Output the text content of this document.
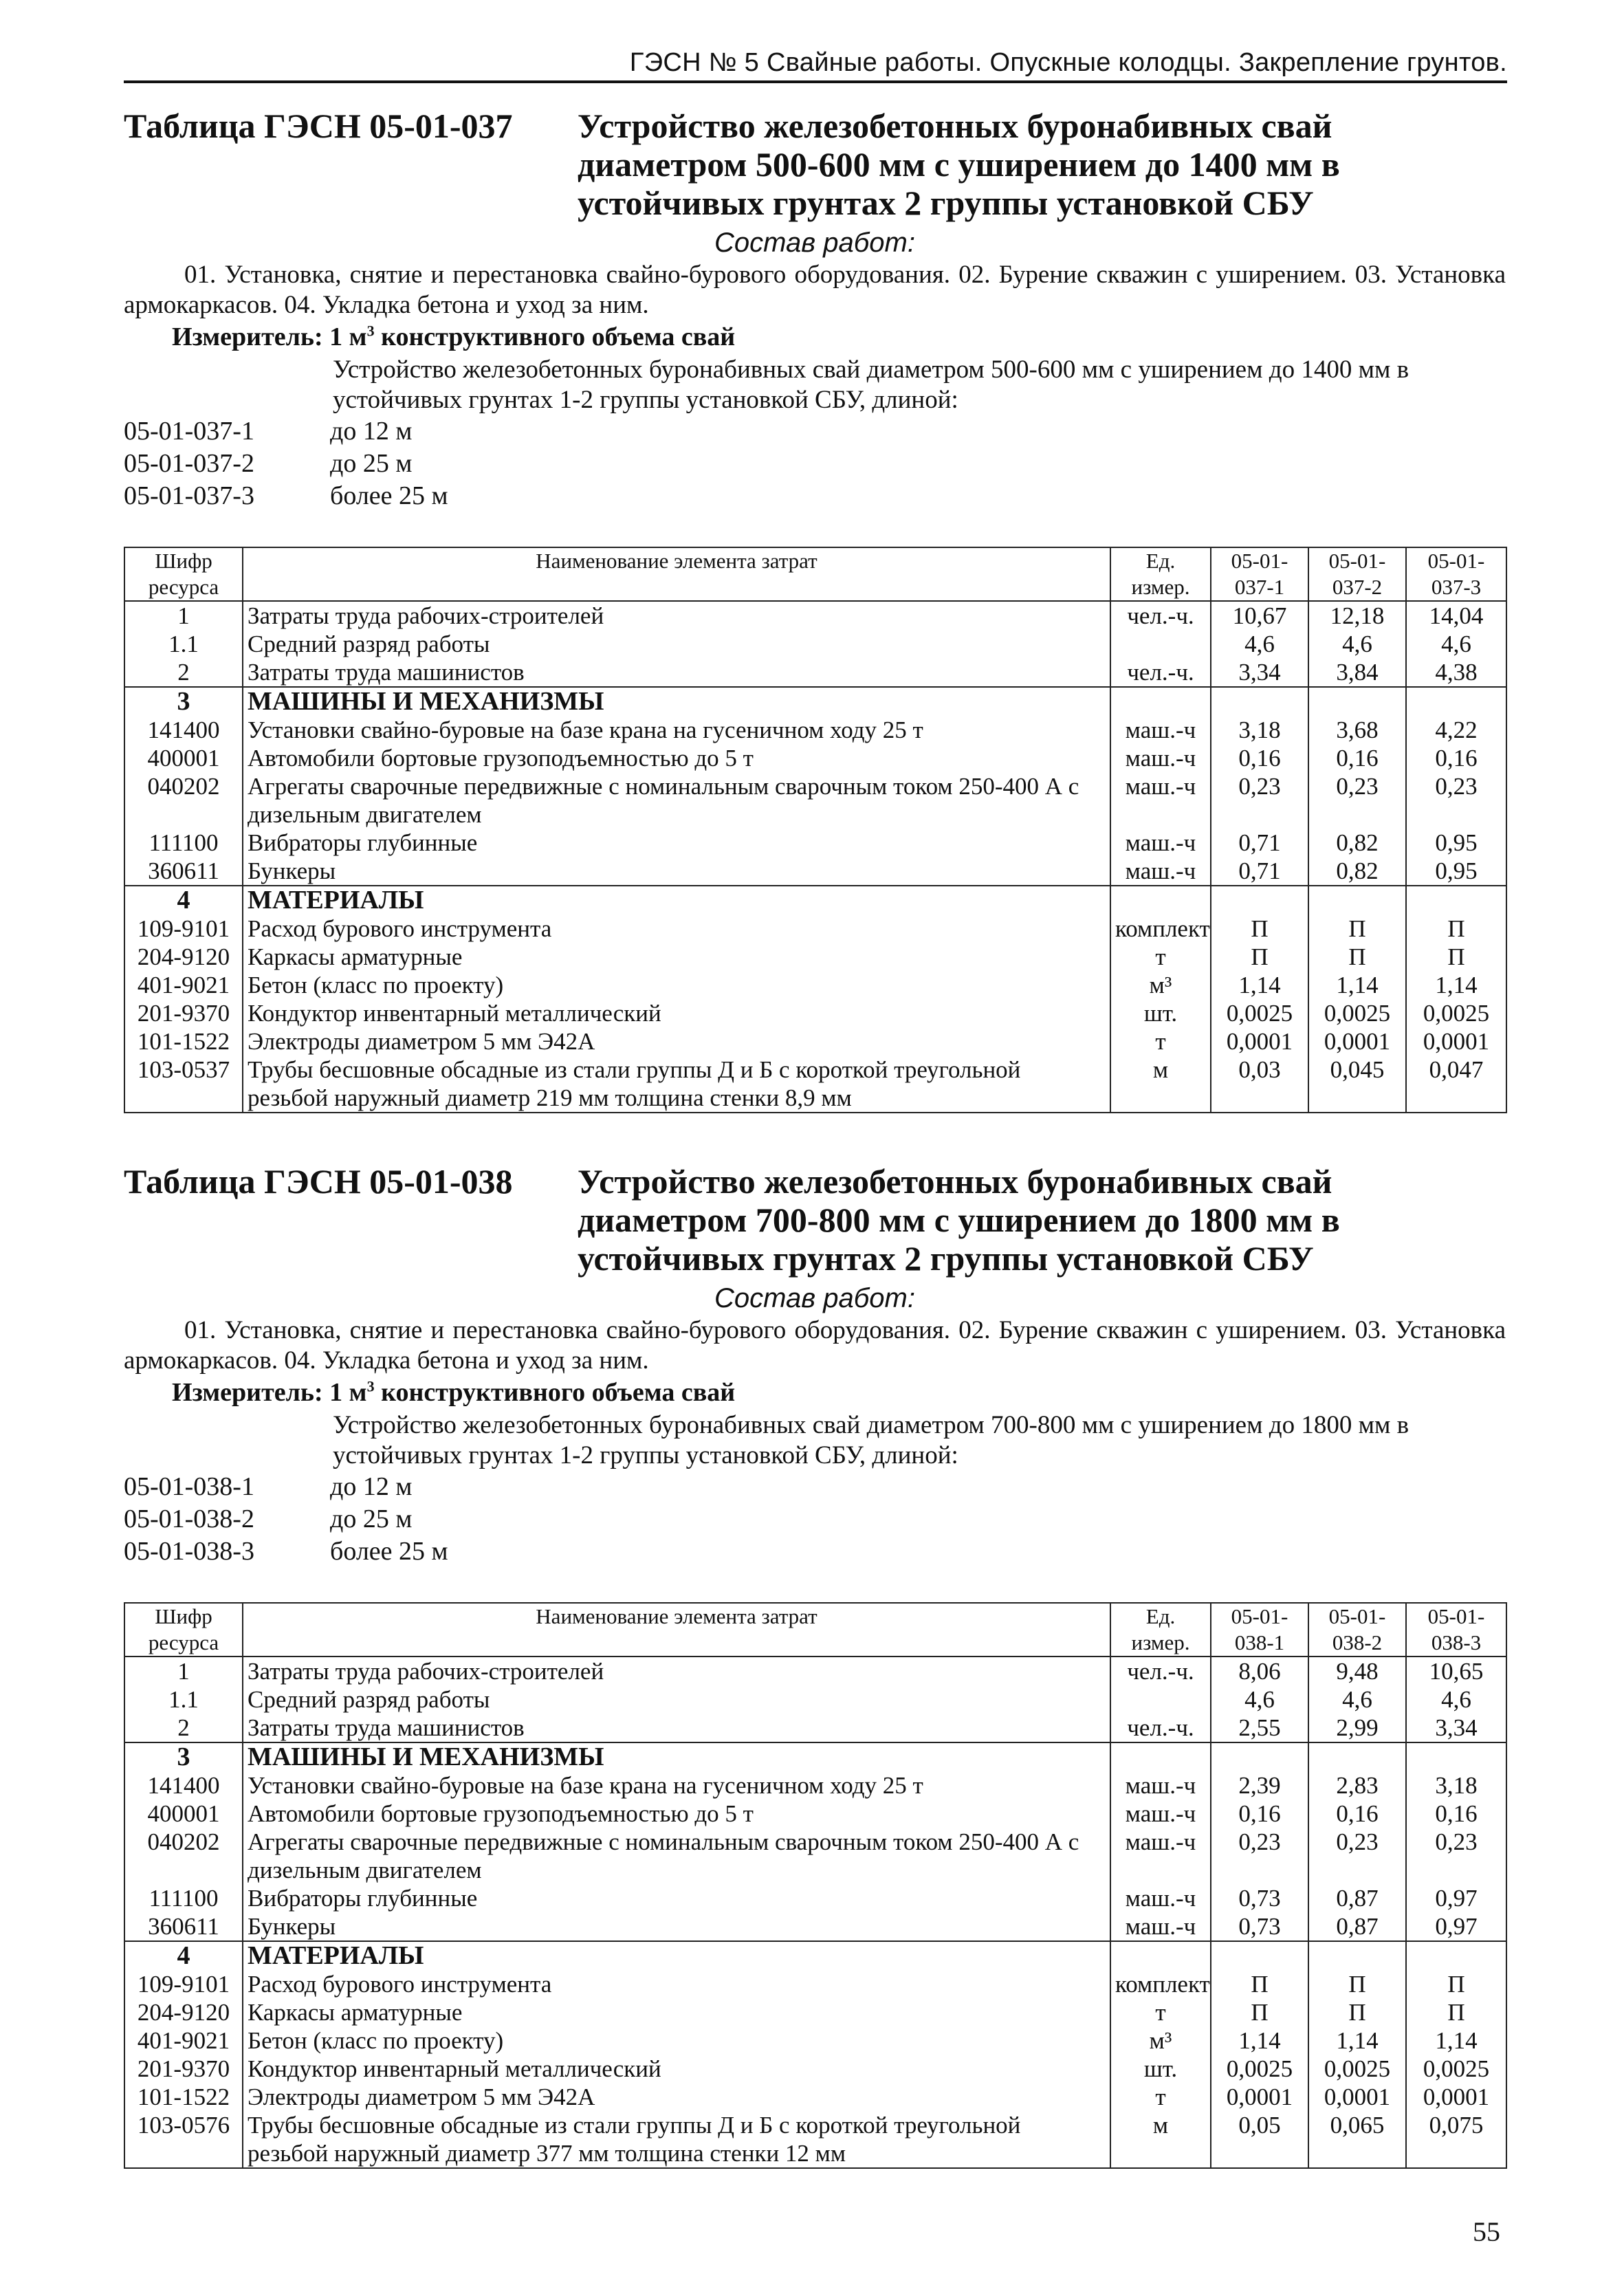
ГЭСН № 5 Свайные работы. Опускные колодцы. Закрепление грунтов.
Таблица ГЭСН 05-01-037	Устройство железобетонных буронабивных свай диаметром 500-600 мм с уширением до 1400 мм в устойчивых грунтах 2 группы установкой СБУ
Состав работ:
01. Установка, снятие и перестановка свайно-бурового оборудования. 02. Бурение скважин с уширением. 03. Установка армокаркасов. 04. Укладка бетона и уход за ним.
Измеритель: 1 $м^3$ конструктивного объема свай
Устройство железобетонных буронабивных свай диаметром 500-600 мм с уширением до 1400 мм в устойчивых грунтах 1-2 группы установкой СБУ, длиной:
05-01-037-1	до 12 м
05-01-037-2	до 25 м
05-01-037-3	более 25 м
Шифр ресурса	Наименование элемента затрат	Ед. измер.	05-01-037-1	05-01-037-2	05-01-037-3
1	Затраты труда рабочих-строителей	чел.-ч.	10,67	12,18	14,04
1.1	Средний разряд работы		4,6	4,6	4,6
2	Затраты труда машинистов	чел.-ч.	3,34	3,84	4,38
3	МАШИНЫ И МЕХАНИЗМЫ				
141400	Установки свайно-буровые на базе крана на гусеничном ходу 25 т	маш.-ч	3,18	3,68	4,22
400001	Автомобили бортовые грузоподъемностью до 5 т	маш.-ч	0,16	0,16	0,16
040202	Агрегаты сварочные передвижные с номинальным сварочным током 250-400 А с дизельным двигателем	маш.-ч	0,23	0,23	0,23
111100	Вибраторы глубинные	маш.-ч	0,71	0,82	0,95
360611	Бункеры	маш.-ч	0,71	0,82	0,95
4	МАТЕРИАЛЫ				
109-9101	Расход бурового инструмента	комплект	П	П	П
204-9120	Каркасы арматурные	т	П	П	П
401-9021	Бетон (класс по проекту)	м³	1,14	1,14	1,14
201-9370	Кондуктор инвентарный металлический	шт.	0,0025	0,0025	0,0025
101-1522	Электроды диаметром 5 мм Э42А	т	0,0001	0,0001	0,0001
103-0537	Трубы бесшовные обсадные из стали группы Д и Б с короткой треугольной резьбой наружный диаметр 219 мм толщина стенки 8,9 мм	м	0,03	0,045	0,047
Таблица ГЭСН 05-01-038	Устройство железобетонных буронабивных свай диаметром 700-800 мм с уширением до 1800 мм в устойчивых грунтах 2 группы установкой СБУ
Состав работ:
01. Установка, снятие и перестановка свайно-бурового оборудования. 02. Бурение скважин с уширением. 03. Установка армокаркасов. 04. Укладка бетона и уход за ним.
Измеритель: 1 $м^3$ конструктивного объема свай
Устройство железобетонных буронабивных свай диаметром 700-800 мм с уширением до 1800 мм в устойчивых грунтах 1-2 группы установкой СБУ, длиной:
05-01-038-1	до 12 м
05-01-038-2	до 25 м
05-01-038-3	более 25 м
Шифр ресурса	Наименование элемента затрат	Ед. измер.	05-01-038-1	05-01-038-2	05-01-038-3
1	Затраты труда рабочих-строителей	чел.-ч.	8,06	9,48	10,65
1.1	Средний разряд работы		4,6	4,6	4,6
2	Затраты труда машинистов	чел.-ч.	2,55	2,99	3,34
3	МАШИНЫ И МЕХАНИЗМЫ				
141400	Установки свайно-буровые на базе крана на гусеничном ходу 25 т	маш.-ч	2,39	2,83	3,18
400001	Автомобили бортовые грузоподъемностью до 5 т	маш.-ч	0,16	0,16	0,16
040202	Агрегаты сварочные передвижные с номинальным сварочным током 250-400 А с дизельным двигателем	маш.-ч	0,23	0,23	0,23
111100	Вибраторы глубинные	маш.-ч	0,73	0,87	0,97
360611	Бункеры	маш.-ч	0,73	0,87	0,97
4	МАТЕРИАЛЫ				
109-9101	Расход бурового инструмента	комплект	П	П	П
204-9120	Каркасы арматурные	т	П	П	П
401-9021	Бетон (класс по проекту)	м³	1,14	1,14	1,14
201-9370	Кондуктор инвентарный металлический	шт.	0,0025	0,0025	0,0025
101-1522	Электроды диаметром 5 мм Э42А	т	0,0001	0,0001	0,0001
103-0576	Трубы бесшовные обсадные из стали группы Д и Б с короткой треугольной резьбой наружный диаметр 377 мм толщина стенки 12 мм	м	0,05	0,065	0,075
55
